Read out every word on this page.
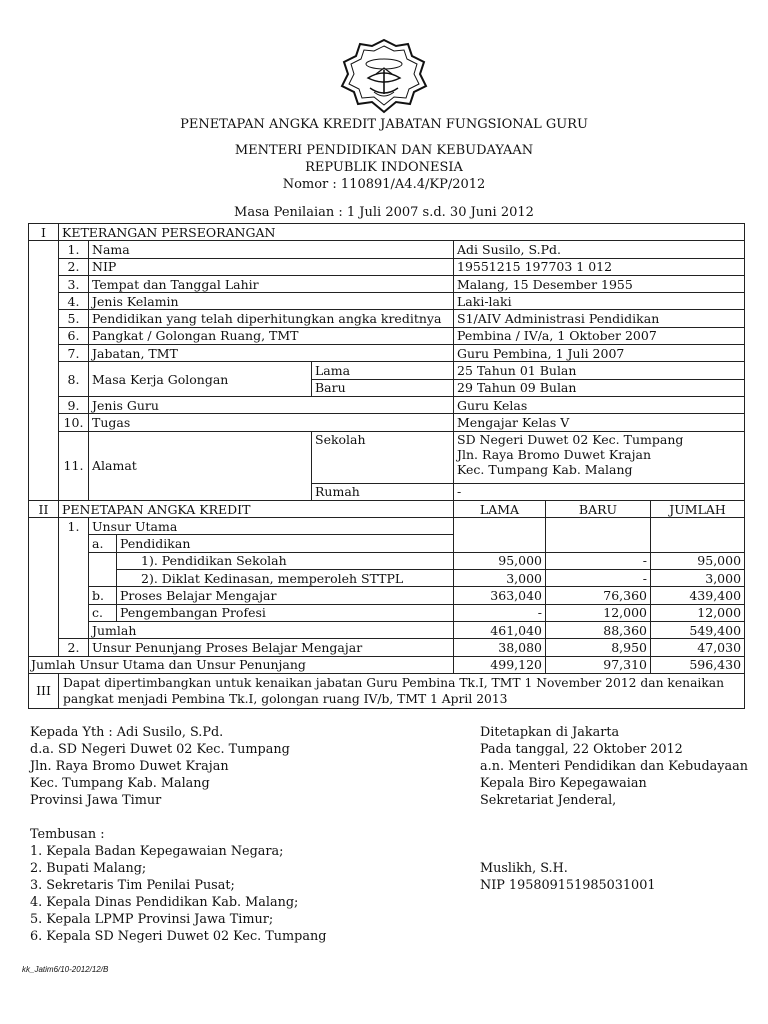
PENETAPAN ANGKA KREDIT JABATAN FUNGSIONAL GURU
MENTERI PENDIDIKAN DAN KEBUDAYAAN
REPUBLIK INDONESIA
Nomor : 110891/A4.4/KP/2012
Masa Penilaian : 1 Juli 2007 s.d. 30 Juni 2012
I	KETERANGAN PERSEORANGAN						
	1.	Nama			Adi Susilo, S.Pd.		
	2.	NIP			19551215 197703 1 012		
	3.	Tempat dan Tanggal Lahir			Malang, 15 Desember 1955		
	4.	Jenis Kelamin			Laki-laki		
	5.	Pendidikan yang telah diperhitungkan angka kreditnya			S1/AIV Administrasi Pendidikan		
	6.	Pangkat / Golongan Ruang, TMT			Pembina / IV/a, 1 Oktober 2007		
	7.	Jabatan, TMT			Guru Pembina, 1 Juli 2007		
	8.	Masa Kerja Golongan		Lama	25 Tahun 01 Bulan		
				Baru	29 Tahun 09 Bulan		
	9.	Jenis Guru			Guru Kelas		
	10.	Tugas			Mengajar Kelas V		
	11.	Alamat		Sekolah	SD Negeri Duwet 02 Kec. Tumpang
Jln. Raya Bromo Duwet Krajan
Kec. Tumpang Kab. Malang		

				Rumah	-		
II	PENETAPAN ANGKA KREDIT				LAMA	BARU	JUMLAH
	1.	Unsur Utama					
		a.	Pendidikan				
			1). Pendidikan Sekolah		95,000	-	95,000
			2). Diklat Kedinasan, memperoleh STTPL		3,000	-	3,000
		b.	Proses Belajar Mengajar		363,040	76,360	439,400
		c.	Pengembangan Profesi		-	12,000	12,000
		Jumlah			461,040	88,360	549,400
	2.	Unsur Penunjang Proses Belajar Mengajar			38,080	8,950	47,030
Jumlah Unsur Utama dan Unsur Penunjang					499,120	97,310	596,430
III	Dapat dipertimbangkan untuk kenaikan jabatan Guru Pembina Tk.I, TMT 1 November 2012 dan kenaikan
pangkat menjadi Pembina Tk.I, golongan ruang IV/b, TMT 1 April 2013						
Kepada Yth : Adi Susilo, S.Pd.
d.a. SD Negeri Duwet 02 Kec. Tumpang
Jln. Raya Bromo Duwet Krajan
Kec. Tumpang Kab. Malang
Provinsi Jawa Timur
Ditetapkan di Jakarta
Pada tanggal, 22 Oktober 2012
a.n. Menteri Pendidikan dan Kebudayaan
Kepala Biro Kepegawaian
Sekretariat Jenderal,
Tembusan :
1. Kepala Badan Kepegawaian Negara;
2. Bupati Malang;
3. Sekretaris Tim Penilai Pusat;
4. Kepala Dinas Pendidikan Kab. Malang;
5. Kepala LPMP Provinsi Jawa Timur;
6. Kepala SD Negeri Duwet 02 Kec. Tumpang
Muslikh, S.H.
NIP 195809151985031001
kk_Jatim6/10-2012/12/B
